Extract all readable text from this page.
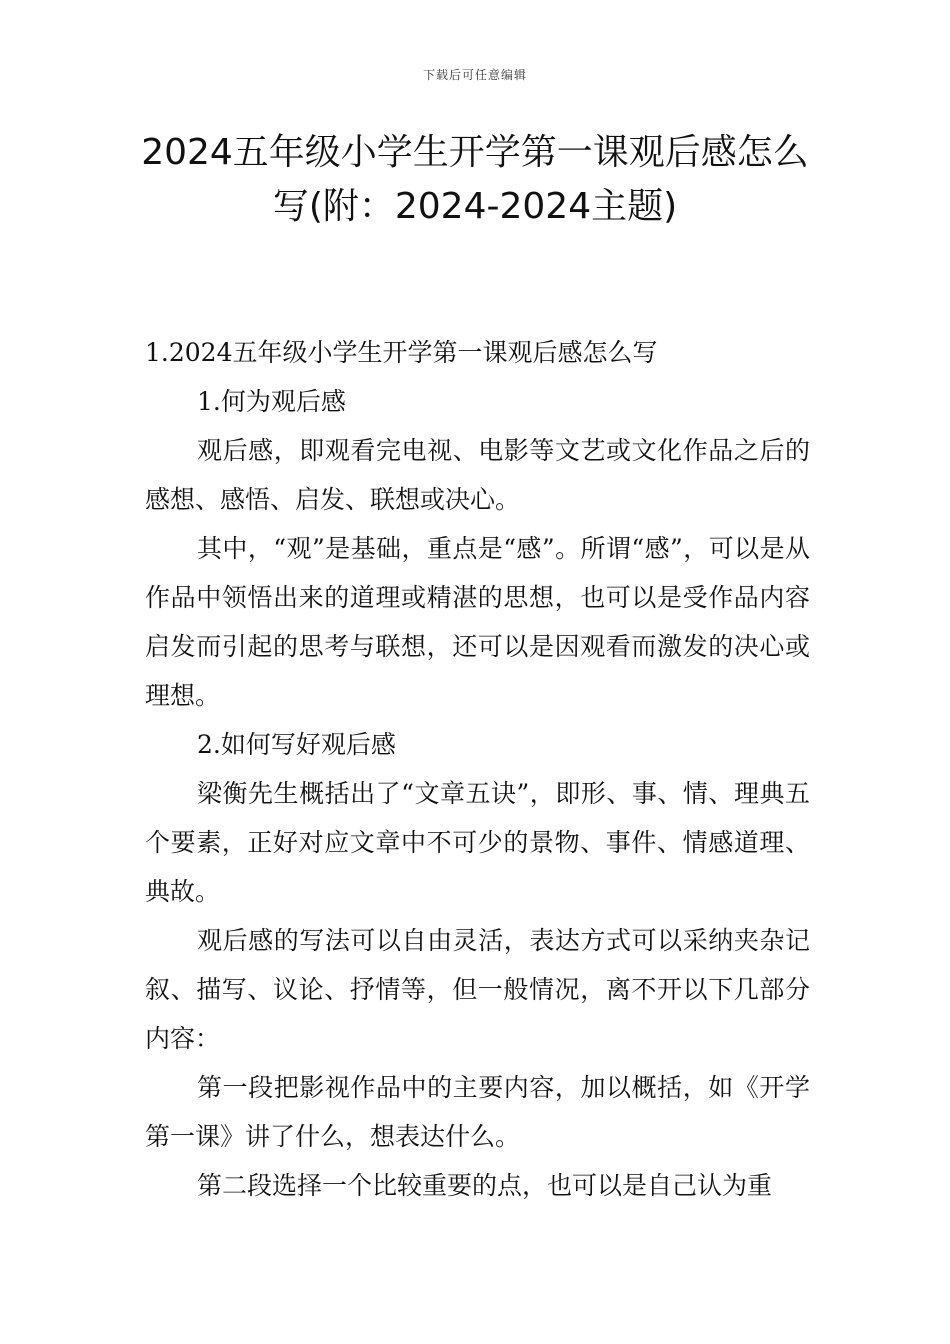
下载后可任意编辑
2024五年级小学生开学第一课观后感怎么
写(附：2024-2024主题)

1.2024五年级小学生开学第一课观后感怎么写

1.何为观后感

观后感，即观看完电视、电影等文艺或文化作品之后的感想、感悟、启发、联想或决心。

其中，“观”是基础，重点是“感”。所谓“感”，可以是从作品中领悟出来的道理或精湛的思想，也可以是受作品内容启发而引起的思考与联想，还可以是因观看而激发的决心或理想。

2.如何写好观后感

梁衡先生概括出了“文章五诀”，即形、事、情、理典五个要素，正好对应文章中不可少的景物、事件、情感道理、典故。

观后感的写法可以自由灵活，表达方式可以采纳夹杂记叙、描写、议论、抒情等，但一般情况，离不开以下几部分内容：

第一段把影视作品中的主要内容，加以概括，如《开学第一课》讲了什么，想表达什么。

第二段选择一个比较重要的点，也可以是自己认为重
